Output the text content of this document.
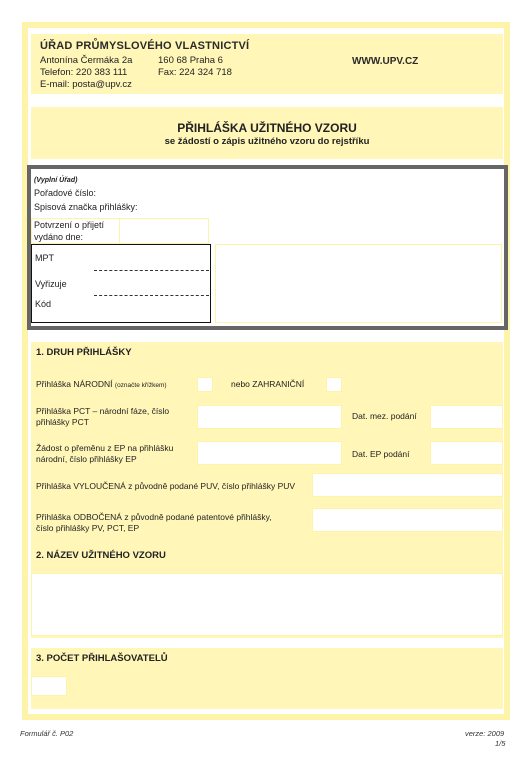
ÚŘAD PRŮMYSLOVÉHO VLASTNICTVÍ
Antonína Čermáka 2a	160 68 Praha 6
Telefon: 220 383 111	Fax: 224 324 718
E-mail: posta@upv.cz
WWW.UPV.CZ
PŘIHLÁŠKA UŽITNÉHO VZORU
se žádostí o zápis užitného vzoru do rejstříku
(Vyplní Úřad)
Pořadové číslo:
Spisová značka přihlášky:
Potvrzení o přijetí vydáno dne:
MPT
Vyřizuje
Kód
1. DRUH PŘIHLÁŠKY
Přihláška NÁRODNÍ (označte křížkem)	nebo ZAHRANIČNÍ
Přihláška PCT – národní fáze, číslo přihlášky PCT
Dat. mez. podání
Žádost o přeměnu z EP na přihlášku národní, číslo přihlášky EP	Dat. EP podání
Přihláška VYLOUČENÁ z původně podané PUV, číslo přihlášky PUV
Přihláška ODBOČENÁ z původně podané patentové přihlášky, číslo přihlášky PV, PCT, EP
2. NÁZEV UŽITNÉHO VZORU
3. POČET PŘIHLAŠOVATELŮ
Formulář č. P02	verze: 2009
1/5
